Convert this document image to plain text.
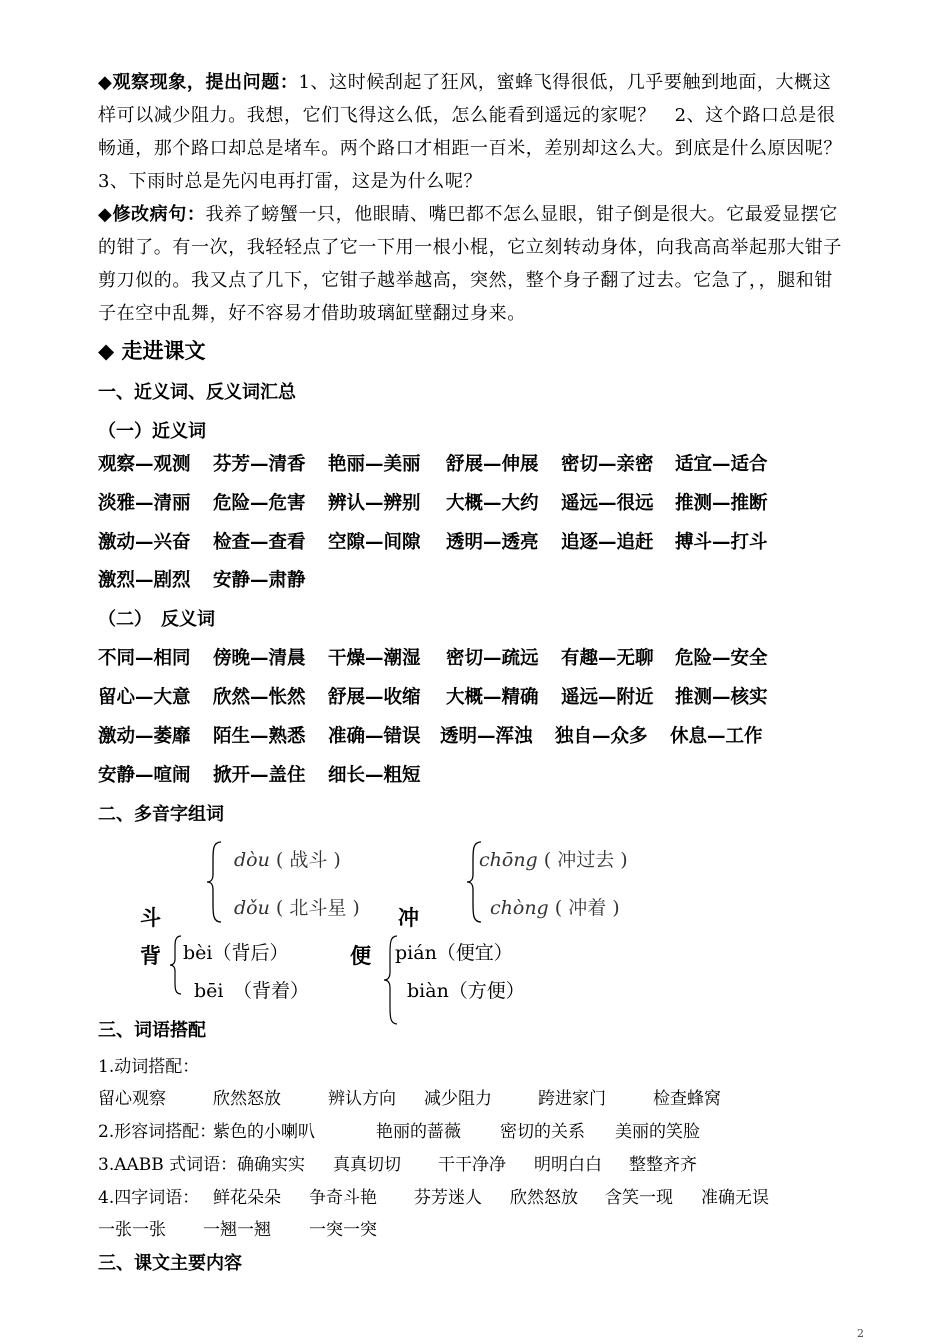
◆观察现象，提出问题：1、这时候刮起了狂风，蜜蜂飞得很低，几乎要触到地面，大概这
样可以减少阻力。我想，它们飞得这么低，怎么能看到遥远的家呢？　2、这个路口总是很
畅通，那个路口却总是堵车。两个路口才相距一百米，差别却这么大。到底是什么原因呢？
3、下雨时总是先闪电再打雷，这是为什么呢？
◆修改病句：我养了螃蟹一只，他眼睛、嘴巴都不怎么显眼，钳子倒是很大。它最爱显摆它
的钳了。有一次，我轻轻点了它一下用一根小棍，它立刻转动身体，向我高高举起那大钳子
剪刀似的。我又点了几下，它钳子越举越高，突然，整个身子翻了过去。它急了，，腿和钳
子在空中乱舞，好不容易才借助玻璃缸壁翻过身来。
◆ 走进课文
一、近义词、反义词汇总
（一）近义词
观察—观测 芬芳—清香 艳丽—美丽 舒展—伸展 密切—亲密 适宜—适合
淡雅—清丽 危险—危害 辨认—辨别 大概—大约 遥远—很远 推测—推断
激动—兴奋 检查—查看 空隙—间隙 透明—透亮 追逐—追赶 搏斗—打斗
激烈—剧烈 安静—肃静
（二）　反义词
不同—相同 傍晚—清晨 干燥—潮湿 密切—疏远 有趣—无聊 危险—安全
留心—大意 欣然—怅然 舒展—收缩 大概—精确 遥远—附近 推测—核实
激动—萎靡 陌生—熟悉 准确—错误 透明—浑浊 独自—众多 休息—工作
安静—喧闹 掀开—盖住 细长—粗短
二、多音字组词
dòu ( 战斗 )
dǒu ( 北斗星 )
斗
chōng ( 冲过去 )
chòng ( 冲着 )
冲
背 bèi（背后）
bēi　（背着）
便 pián（便宜）
biàn（方便）
三、词语搭配
1.动词搭配：
留心观察	欣然怒放	辨认方向 减少阻力	跨进家门	检查蜂窝
2.形容词搭配：
紫色的小喇叭	艳丽的蔷薇 密切的关系 美丽的笑脸
3.AABB 式词语： 确确实实 真真切切 干干净净 明明白白 整整齐齐
4.四字词语： 鲜花朵朵 争奇斗艳 芬芳迷人 欣然怒放 含笑一现 准确无误
一张一张 一翘一翘 一突一突
三、课文主要内容
2
